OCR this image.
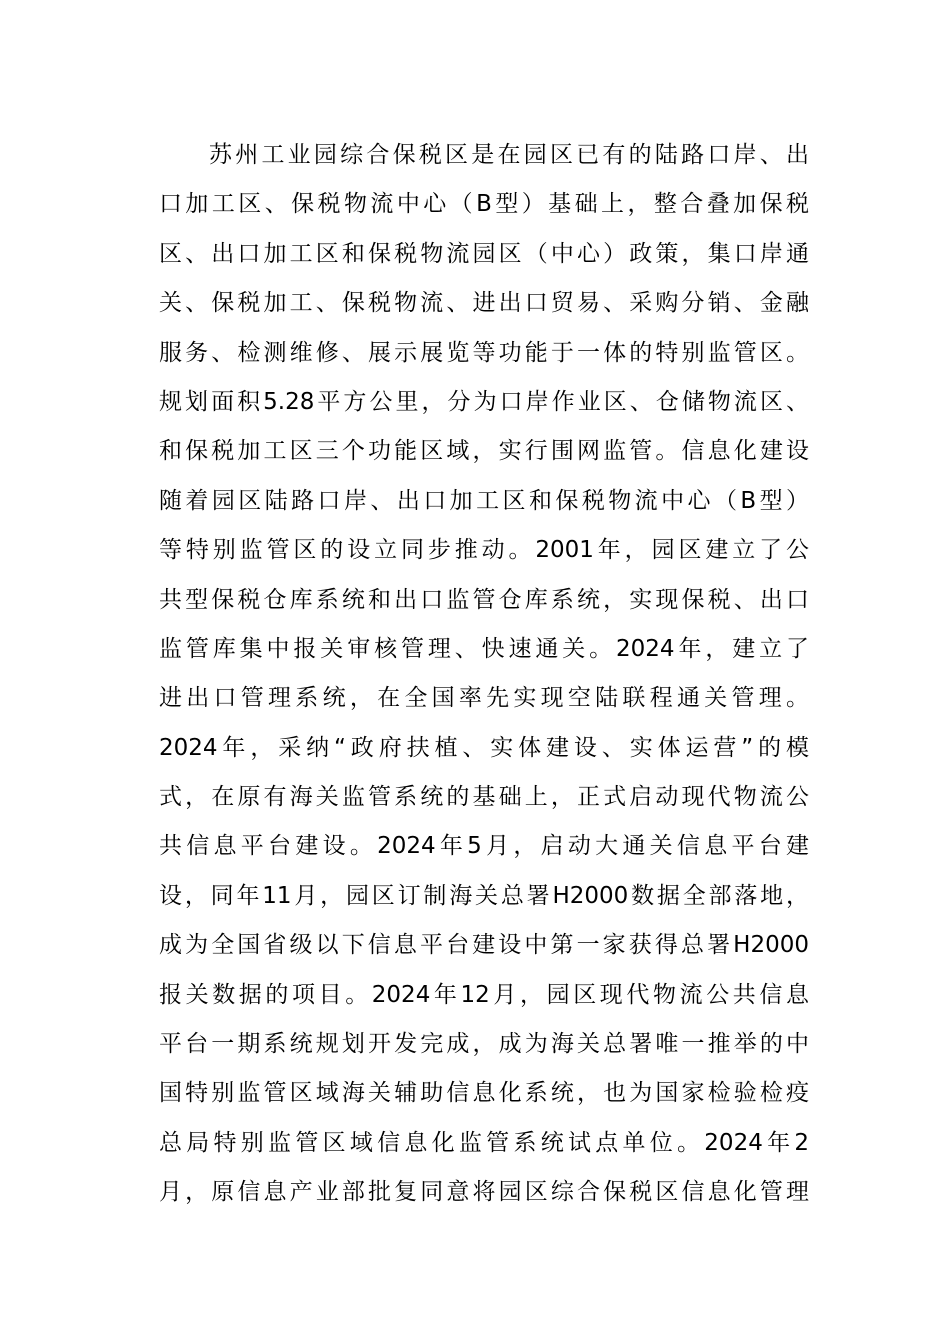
苏州工业园综合保税区是在园区已有的陆路口岸、出
口加工区、保税物流中心（B型）基础上，整合叠加保税
区、出口加工区和保税物流园区（中心）政策，集口岸通
关、保税加工、保税物流、进出口贸易、采购分销、金融
服务、检测维修、展示展览等功能于一体的特别监管区。
规划面积5.28平方公里，分为口岸作业区、仓储物流区、
和保税加工区三个功能区域，实行围网监管。信息化建设
随着园区陆路口岸、出口加工区和保税物流中心（B型）
等特别监管区的设立同步推动。2001年，园区建立了公
共型保税仓库系统和出口监管仓库系统，实现保税、出口
监管库集中报关审核管理、快速通关。2024年，建立了
进出口管理系统，在全国率先实现空陆联程通关管理。
2024年，采纳“政府扶植、实体建设、实体运营”的模
式，在原有海关监管系统的基础上，正式启动现代物流公
共信息平台建设。2024年5月，启动大通关信息平台建
设，同年11月，园区订制海关总署H2000数据全部落地，
成为全国省级以下信息平台建设中第一家获得总署H2000
报关数据的项目。2024年12月，园区现代物流公共信息
平台一期系统规划开发完成，成为海关总署唯一推举的中
国特别监管区域海关辅助信息化系统，也为国家检验检疫
总局特别监管区域信息化监管系统试点单位。2024年2
月，原信息产业部批复同意将园区综合保税区信息化管理
